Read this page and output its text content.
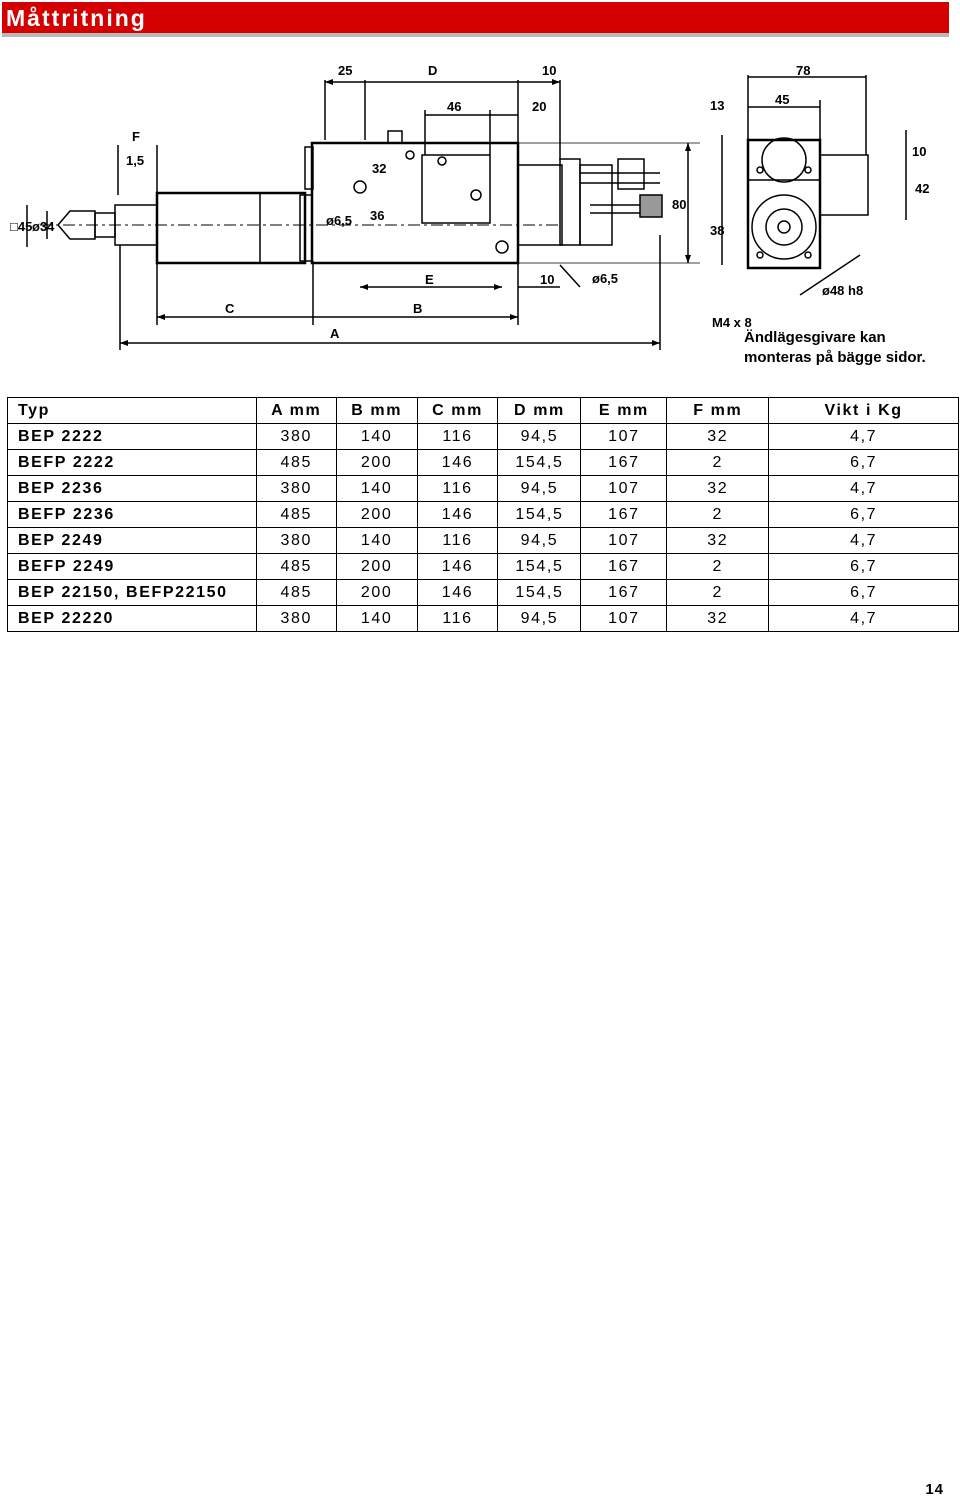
Måttritning
25	D	10
46	20
F
1,5
32
ø6,5 36
□45 ø34
80
E	10	ø6,5
C	B
A
78
13	45
10
42
38
M4 x 8
ø48 h8
Ändlägesgivare kan
monteras på bägge sidor.
Typ	A mm	B mm	C mm	D mm	E mm	F mm	Vikt i Kg
BEP 2222	380	140	116	94,5	107	32	4,7
BEFP 2222	485	200	146	154,5	167	2	6,7
BEP 2236	380	140	116	94,5	107	32	4,7
BEFP 2236	485	200	146	154,5	167	2	6,7
BEP 2249	380	140	116	94,5	107	32	4,7
BEFP 2249	485	200	146	154,5	167	2	6,7
BEP 22150, BEFP22150	485	200	146	154,5	167	2	6,7
BEP 22220	380	140	116	94,5	107	32	4,7
14
